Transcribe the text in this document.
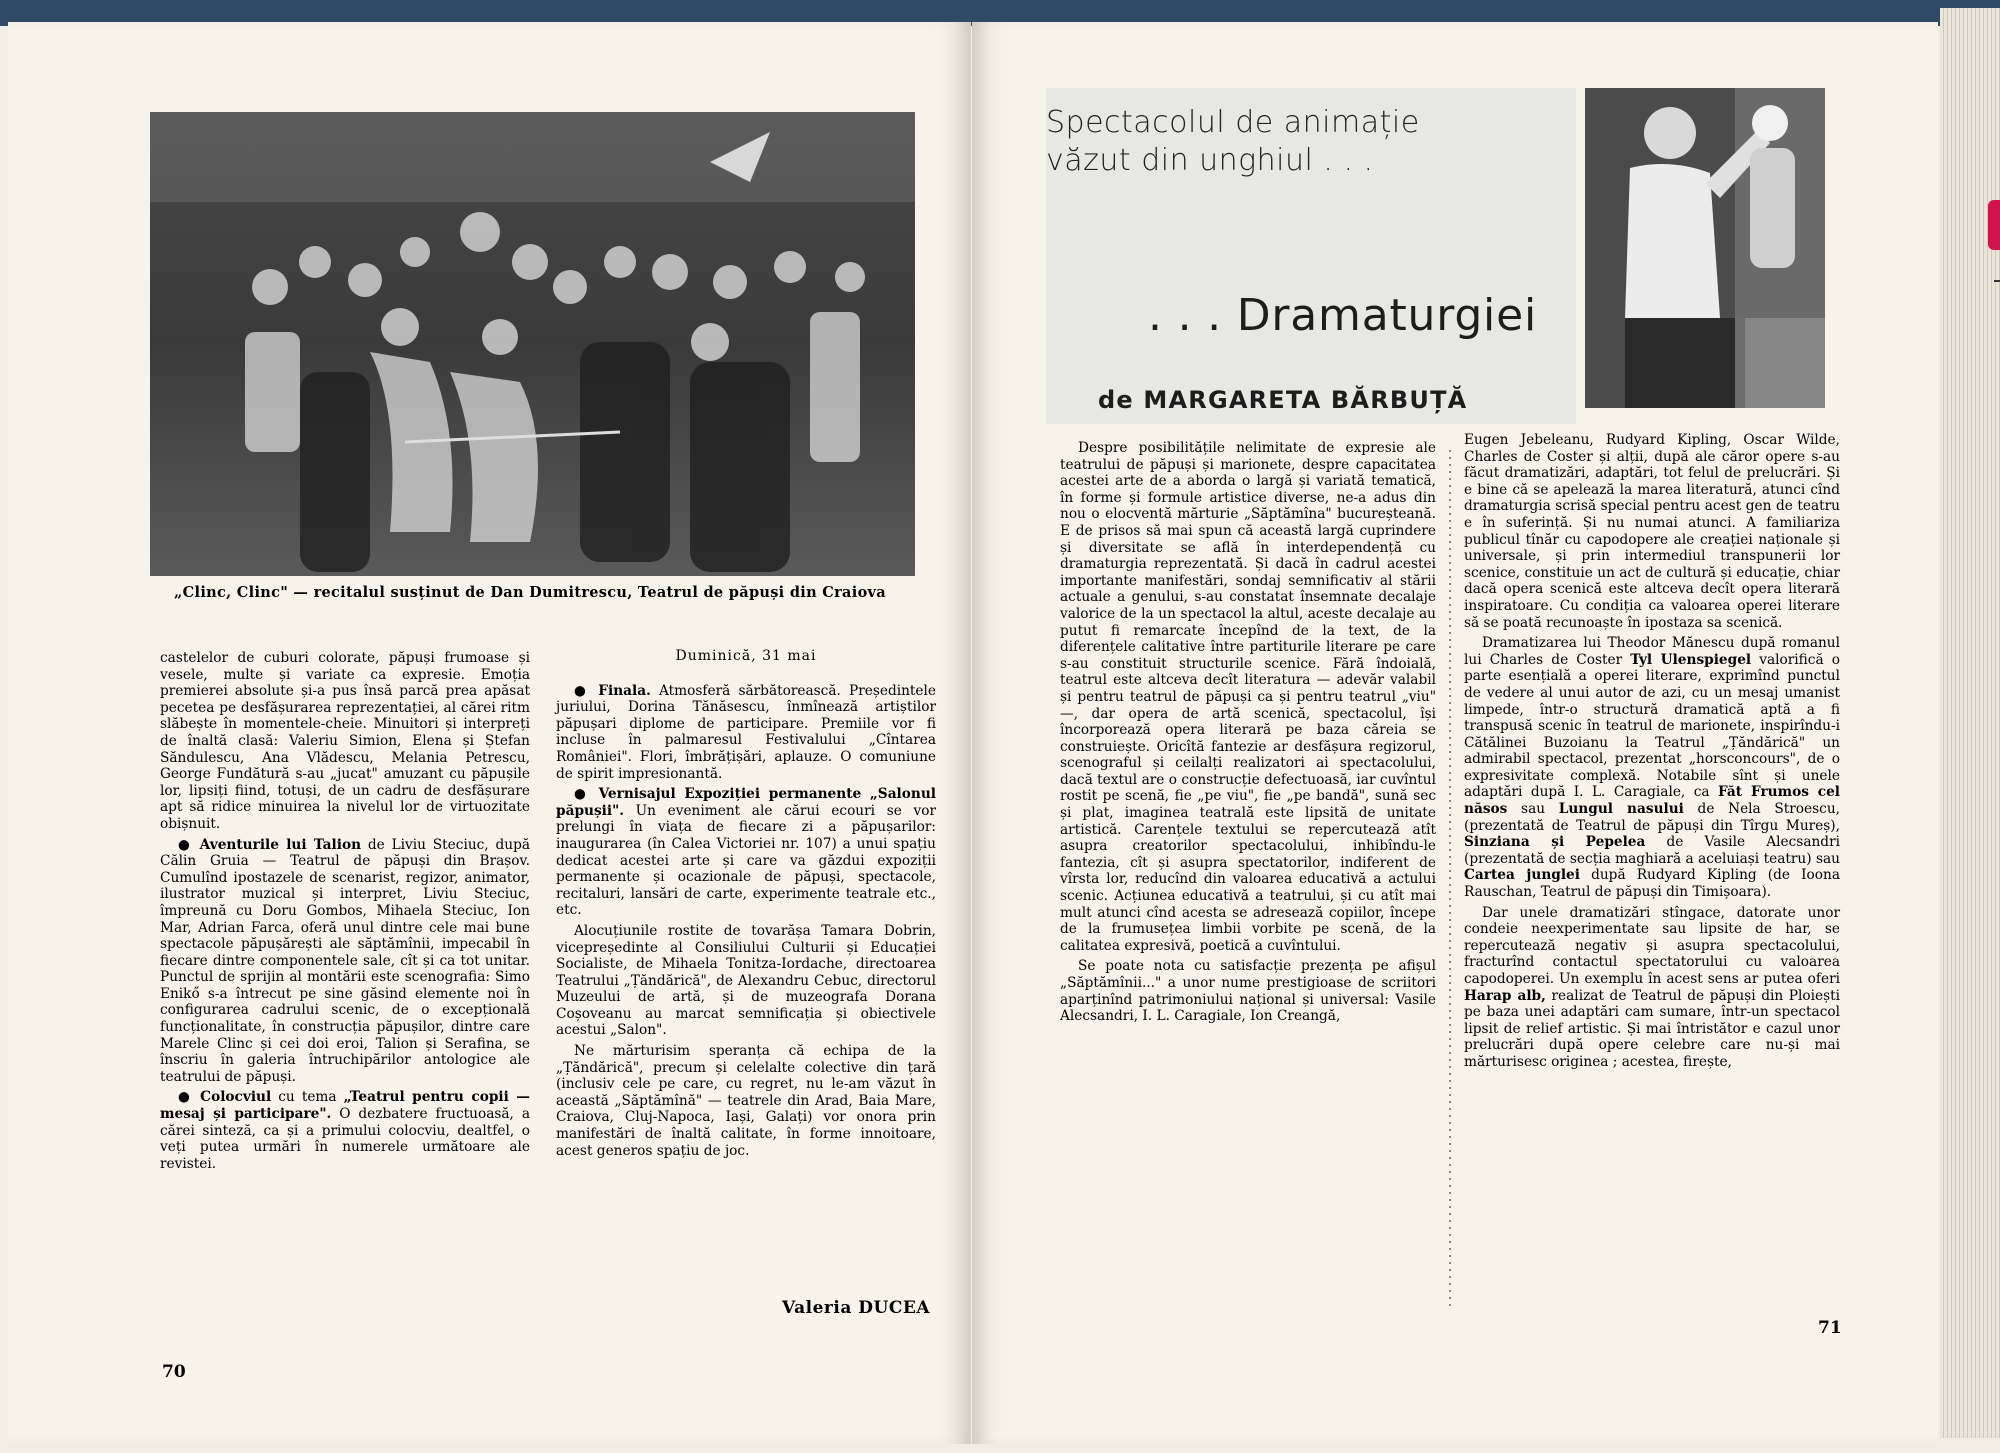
„Clinc, Clinc" — recitalul susținut de Dan Dumitrescu, Teatrul de păpuși din Craiova

castelelor de cuburi colorate, păpuși frumoase și vesele, multe și variate ca expresie. Emoția premierei absolute și-a pus însă parcă prea apăsat pecetea pe desfășurarea reprezentației, al cărei ritm slăbește în momentele-cheie. Minuitori și interpreți de înaltă clasă: Valeriu Simion, Elena și Ștefan Săndulescu, Ana Vlădescu, Melania Petrescu, George Fundătură s-au „jucat" amuzant cu păpușile lor, lipsiți fiind, totuși, de un cadru de desfășurare apt să ridice minuirea la nivelul lor de virtuozitate obișnuit.

● Aventurile lui Talion de Liviu Steciuc, după Călin Gruia — Teatrul de păpuși din Brașov. Cumulînd ipostazele de scenarist, regizor, animator, ilustrator muzical și interpret, Liviu Steciuc, împreună cu Doru Gombos, Mihaela Steciuc, Ion Mar, Adrian Farca, oferă unul dintre cele mai bune spectacole păpușărești ale săptămînii, impecabil în fiecare dintre componentele sale, cît și ca tot unitar. Punctul de sprijin al montării este scenografia: Simo Enikő s-a întrecut pe sine găsind elemente noi în configurarea cadrului scenic, de o excepțională funcționalitate, în construcția păpușilor, dintre care Marele Clinc și cei doi eroi, Talion și Serafina, se înscriu în galeria întruchipărilor antologice ale teatrului de păpuși.

● Colocviul cu tema „Teatrul pentru copii — mesaj și participare". O dezbatere fructuoasă, a cărei sinteză, ca și a primului colocviu, dealtfel, o veți putea urmări în numerele următoare ale revistei.

Duminică, 31 mai

● Finala. Atmosferă sărbătorească. Președintele juriului, Dorina Tănăsescu, înmînează artiștilor păpușari diplome de participare. Premiile vor fi incluse în palmaresul Festivalului „Cîntarea României". Flori, îmbrățișări, aplauze. O comuniune de spirit impresionantă.

● Vernisajul Expoziției permanente „Salonul păpușii". Un eveniment ale cărui ecouri se vor prelungi în viața de fiecare zi a păpușarilor: inaugurarea (în Calea Victoriei nr. 107) a unui spațiu dedicat acestei arte și care va găzdui expoziții permanente și ocazionale de păpuși, spectacole, recitaluri, lansări de carte, experimente teatrale etc., etc.

Alocuțiunile rostite de tovarășa Tamara Dobrin, vicepreședinte al Consiliului Culturii și Educației Socialiste, de Mihaela Tonitza-Iordache, directoarea Teatrului „Țăndărică", de Alexandru Cebuc, directorul Muzeului de artă, și de muzeografa Dorana Coșoveanu au marcat semnificația și obiectivele acestui „Salon".

Ne mărturisim speranța că echipa de la „Țăndărică", precum și celelalte colective din țară (inclusiv cele pe care, cu regret, nu le-am văzut în această „Săptămînă" — teatrele din Arad, Baia Mare, Craiova, Cluj-Napoca, Iași, Galați) vor onora prin manifestări de înaltă calitate, în forme innoitoare, acest generos spațiu de joc.

Valeria DUCEA
70
Spectacolul de animație văzut din unghiul . . .
. . . Dramaturgiei
de MARGARETA BĂRBUȚĂ

Despre posibilitățile nelimitate de expresie ale teatrului de păpuși și marionete, despre capacitatea acestei arte de a aborda o largă și variată tematică, în forme și formule artistice diverse, ne-a adus din nou o elocventă mărturie „Săptămîna" bucureșteană. E de prisos să mai spun că această largă cuprindere și diversitate se află în interdependență cu dramaturgia reprezentată. Și dacă în cadrul acestei importante manifestări, sondaj semnificativ al stării actuale a genului, s-au constatat însemnate decalaje valorice de la un spectacol la altul, aceste decalaje au putut fi remarcate începînd de la text, de la diferențele calitative între partiturile literare pe care s-au constituit structurile scenice. Fără îndoială, teatrul este altceva decît literatura — adevăr valabil și pentru teatrul de păpuși ca și pentru teatrul „viu" —, dar opera de artă scenică, spectacolul, își încorporează opera literară pe baza căreia se construiește. Oricîtă fantezie ar desfășura regizorul, scenograful și ceilalți realizatori ai spectacolului, dacă textul are o construcție defectuoasă, iar cuvîntul rostit pe scenă, fie „pe viu", fie „pe bandă", sună sec și plat, imaginea teatrală este lipsită de unitate artistică. Carențele textului se repercutează atît asupra creatorilor spectacolului, inhibîndu-le fantezia, cît și asupra spectatorilor, indiferent de vîrsta lor, reducînd din valoarea educativă a actului scenic. Acțiunea educativă a teatrului, și cu atît mai mult atunci cînd acesta se adresează copiilor, începe de la frumusețea limbii vorbite pe scenă, de la calitatea expresivă, poetică a cuvîntului.

Se poate nota cu satisfacție prezența pe afișul „Săptămînii..." a unor nume prestigioase de scriitori aparținînd patrimoniului național și universal: Vasile Alecsandri, I. L. Caragiale, Ion Creangă,

Eugen Jebeleanu, Rudyard Kipling, Oscar Wilde, Charles de Coster și alții, după ale căror opere s-au făcut dramatizări, adaptări, tot felul de prelucrări. Și e bine că se apelează la marea literatură, atunci cînd dramaturgia scrisă special pentru acest gen de teatru e în suferință. Și nu numai atunci. A familiariza publicul tînăr cu capodopere ale creației naționale și universale, și prin intermediul transpunerii lor scenice, constituie un act de cultură și educație, chiar dacă opera scenică este altceva decît opera literară inspiratoare. Cu condiția ca valoarea operei literare să se poată recunoaște în ipostaza sa scenică.

Dramatizarea lui Theodor Mănescu după romanul lui Charles de Coster Tyl Ulenspiegel valorifică o parte esențială a operei literare, exprimînd punctul de vedere al unui autor de azi, cu un mesaj umanist limpede, într-o structură dramatică aptă a fi transpusă scenic în teatrul de marionete, inspirîndu-i Cătălinei Buzoianu la Teatrul „Țăndărică" un admirabil spectacol, prezentat „horsconcours", de o expresivitate complexă. Notabile sînt și unele adaptări după I. L. Caragiale, ca Făt Frumos cel năsos sau Lungul nasului de Nela Stroescu, (prezentată de Teatrul de păpuși din Tîrgu Mureș), Sinziana și Pepelea de Vasile Alecsandri (prezentată de secția maghiară a aceluiași teatru) sau Cartea junglei după Rudyard Kipling (de Ioona Rauschan, Teatrul de păpuși din Timișoara).

Dar unele dramatizări stîngace, datorate unor condeie neexperimentate sau lipsite de har, se repercutează negativ și asupra spectacolului, fracturînd contactul spectatorului cu valoarea capodoperei. Un exemplu în acest sens ar putea oferi Harap alb, realizat de Teatrul de păpuși din Ploiești pe baza unei adaptări cam sumare, într-un spectacol lipsit de relief artistic. Și mai întristător e cazul unor prelucrări după opere celebre care nu-și mai mărturisesc originea ; acestea, firește,

71
